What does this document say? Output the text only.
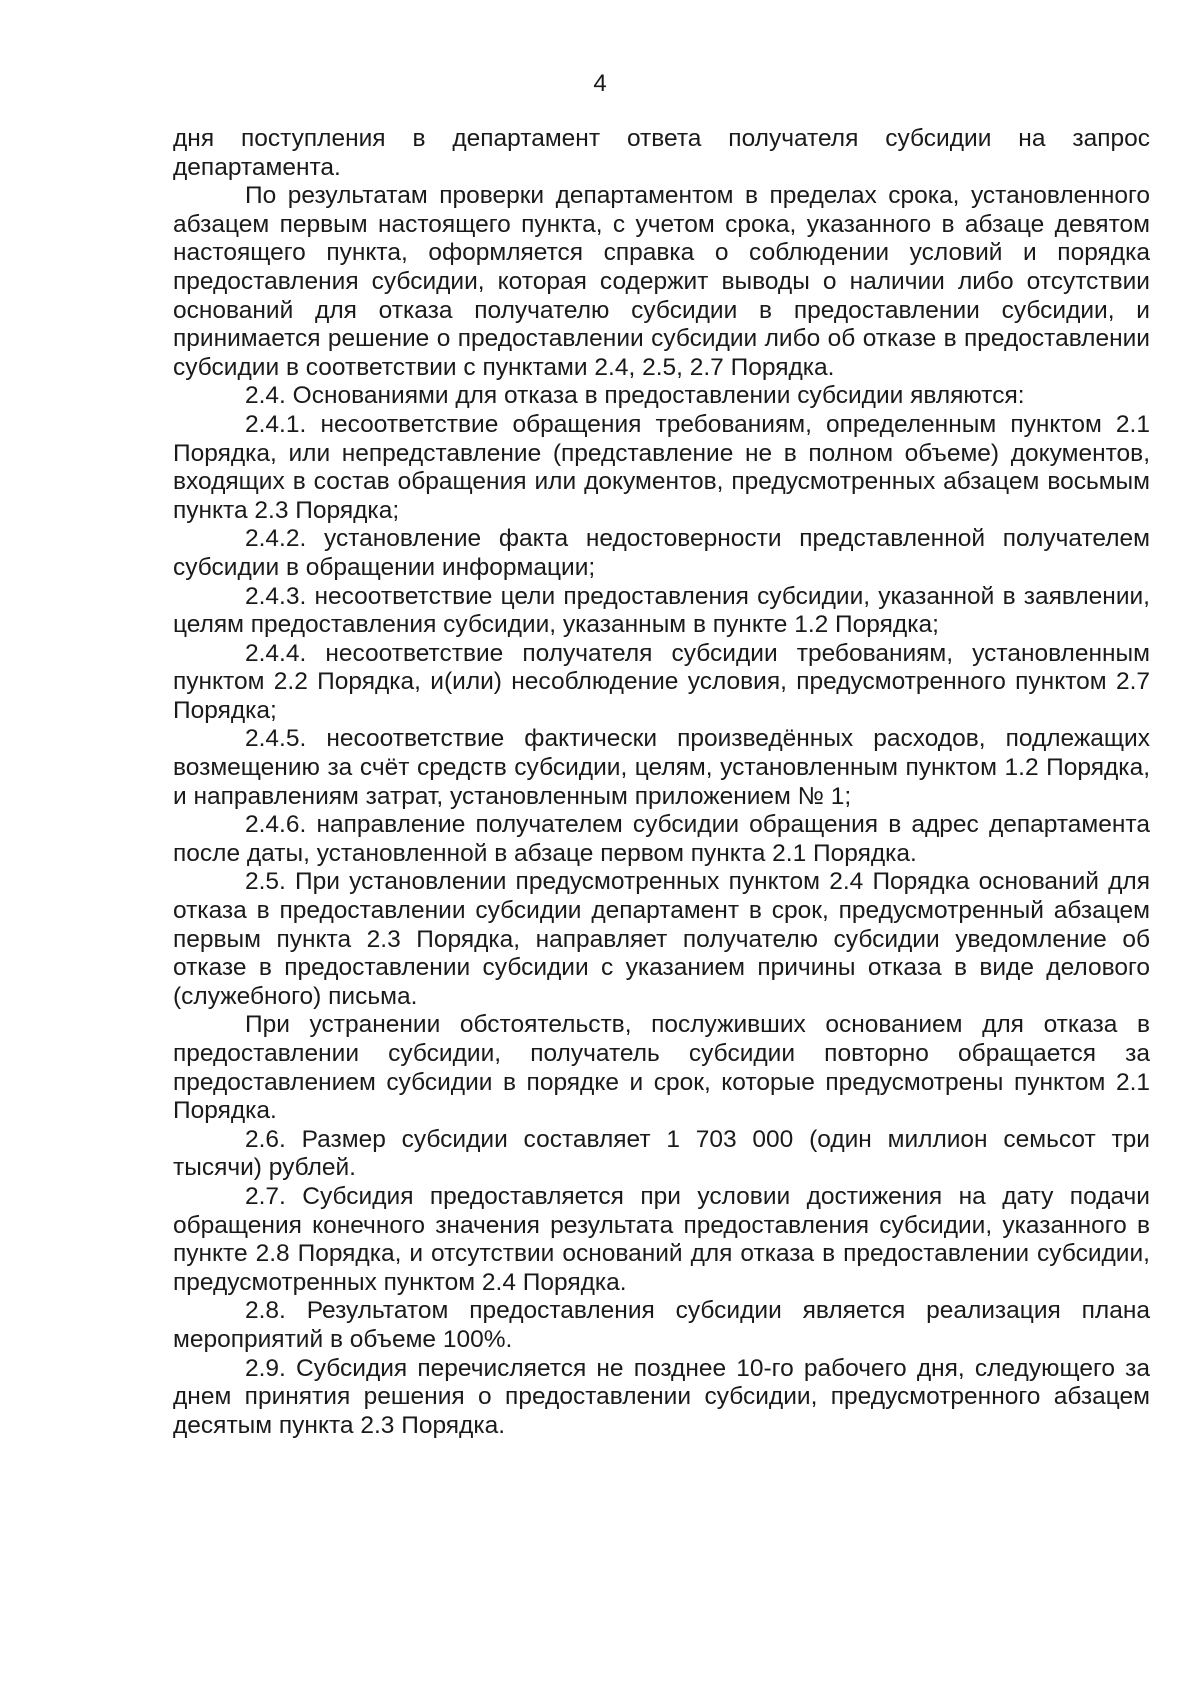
4

дня поступления в департамент ответа получателя субсидии на запрос департамента.

По результатам проверки департаментом в пределах срока, установленного абзацем первым настоящего пункта, с учетом срока, указанного в абзаце девятом настоящего пункта, оформляется справка о соблюдении условий и порядка предоставления субсидии, которая содержит выводы о наличии либо отсутствии оснований для отказа получателю субсидии в предоставлении субсидии, и принимается решение о предоставлении субсидии либо об отказе в предоставлении субсидии в соответствии с пунктами 2.4, 2.5, 2.7 Порядка.

2.4. Основаниями для отказа в предоставлении субсидии являются:

2.4.1. несоответствие обращения требованиям, определенным пунктом 2.1 Порядка, или непредставление (представление не в полном объеме) документов, входящих в состав обращения или документов, предусмотренных абзацем восьмым пункта 2.3 Порядка;

2.4.2. установление факта недостоверности представленной получателем субсидии в обращении информации;

2.4.3. несоответствие цели предоставления субсидии, указанной в заявлении, целям предоставления субсидии, указанным в пункте 1.2 Порядка;

2.4.4. несоответствие получателя субсидии требованиям, установленным пунктом 2.2 Порядка, и(или) несоблюдение условия, предусмотренного пунктом 2.7 Порядка;

2.4.5. несоответствие фактически произведённых расходов, подлежащих возмещению за счёт средств субсидии, целям, установленным пунктом 1.2 Порядка, и направлениям затрат, установленным приложением № 1;

2.4.6. направление получателем субсидии обращения в адрес департамента после даты, установленной в абзаце первом пункта 2.1 Порядка.

2.5. При установлении предусмотренных пунктом 2.4 Порядка оснований для отказа в предоставлении субсидии департамент в срок, предусмотренный абзацем первым пункта 2.3 Порядка, направляет получателю субсидии уведомление об отказе в предоставлении субсидии с указанием причины отказа в виде делового (служебного) письма.

При устранении обстоятельств, послуживших основанием для отказа в предоставлении субсидии, получатель субсидии повторно обращается за предоставлением субсидии в порядке и срок, которые предусмотрены пунктом 2.1 Порядка.

2.6. Размер субсидии составляет 1 703 000 (один миллион семьсот три тысячи) рублей.

2.7. Субсидия предоставляется при условии достижения на дату подачи обращения конечного значения результата предоставления субсидии, указанного в пункте 2.8 Порядка, и отсутствии оснований для отказа в предоставлении субсидии, предусмотренных пунктом 2.4 Порядка.

2.8. Результатом предоставления субсидии является реализация плана мероприятий в объеме 100%.

2.9. Субсидия перечисляется не позднее 10-го рабочего дня, следующего за днем принятия решения о предоставлении субсидии, предусмотренного абзацем десятым пункта 2.3 Порядка.
